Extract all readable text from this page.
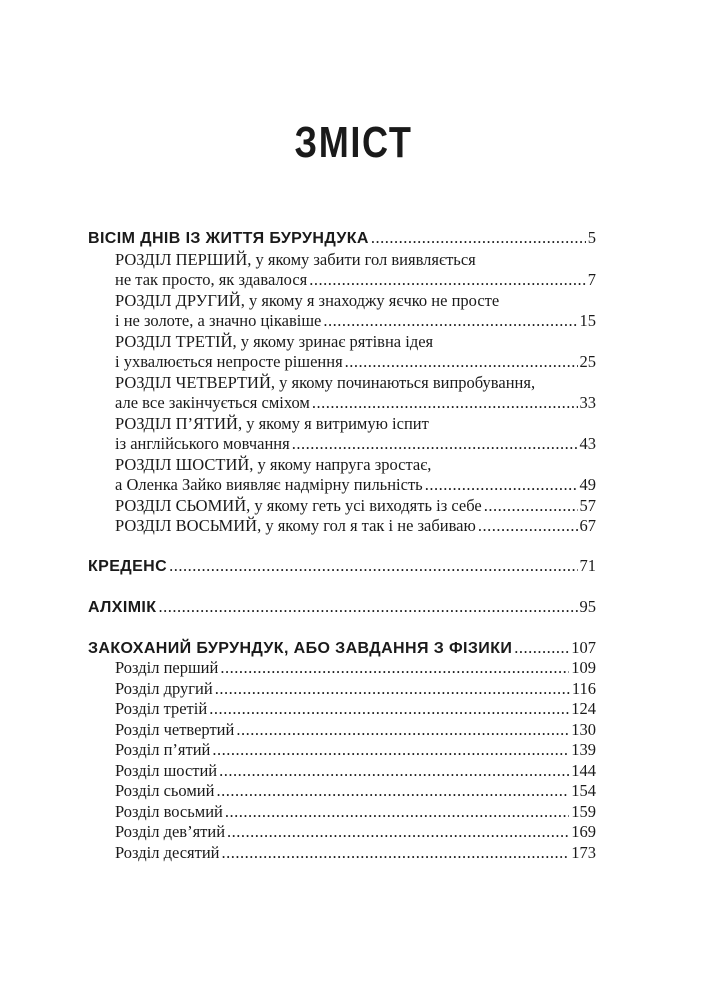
ЗМІСТ
ВІСІМ ДНІВ ІЗ ЖИТТЯ БУРУНДУКА .....	5
РОЗДІЛ ПЕРШИЙ, у якому забити гол виявляється
не так просто, як здавалося .....	7
РОЗДІЛ ДРУГИЙ, у якому я знаходжу яєчко не просте
і не золоте, а значно цікавіше .....	15
РОЗДІЛ ТРЕТІЙ, у якому зринає рятівна ідея
і ухвалюється непросте рішення .....	25
РОЗДІЛ ЧЕТВЕРТИЙ, у якому починаються випробування,
але все закінчується сміхом .....	33
РОЗДІЛ П’ЯТИЙ, у якому я витримую іспит
із англійського мовчання .....	43
РОЗДІЛ ШОСТИЙ, у якому напруга зростає,
а Оленка Зайко виявляє надмірну пильність .....	49
РОЗДІЛ СЬОМИЙ, у якому геть усі виходять із себе .....	57
РОЗДІЛ ВОСЬМИЙ, у якому гол я так і не забиваю .....	67
КРЕДЕНС .....	71
АЛХІМІК .....	95
ЗАКОХАНИЙ БУРУНДУК, АБО ЗАВДАННЯ З ФІЗИКИ .....	107
Розділ перший .....	109
Розділ другий .....	116
Розділ третій .....	124
Розділ четвертий .....	130
Розділ п’ятий .....	139
Розділ шостий .....	144
Розділ сьомий .....	154
Розділ восьмий .....	159
Розділ дев’ятий .....	169
Розділ десятий .....	173
